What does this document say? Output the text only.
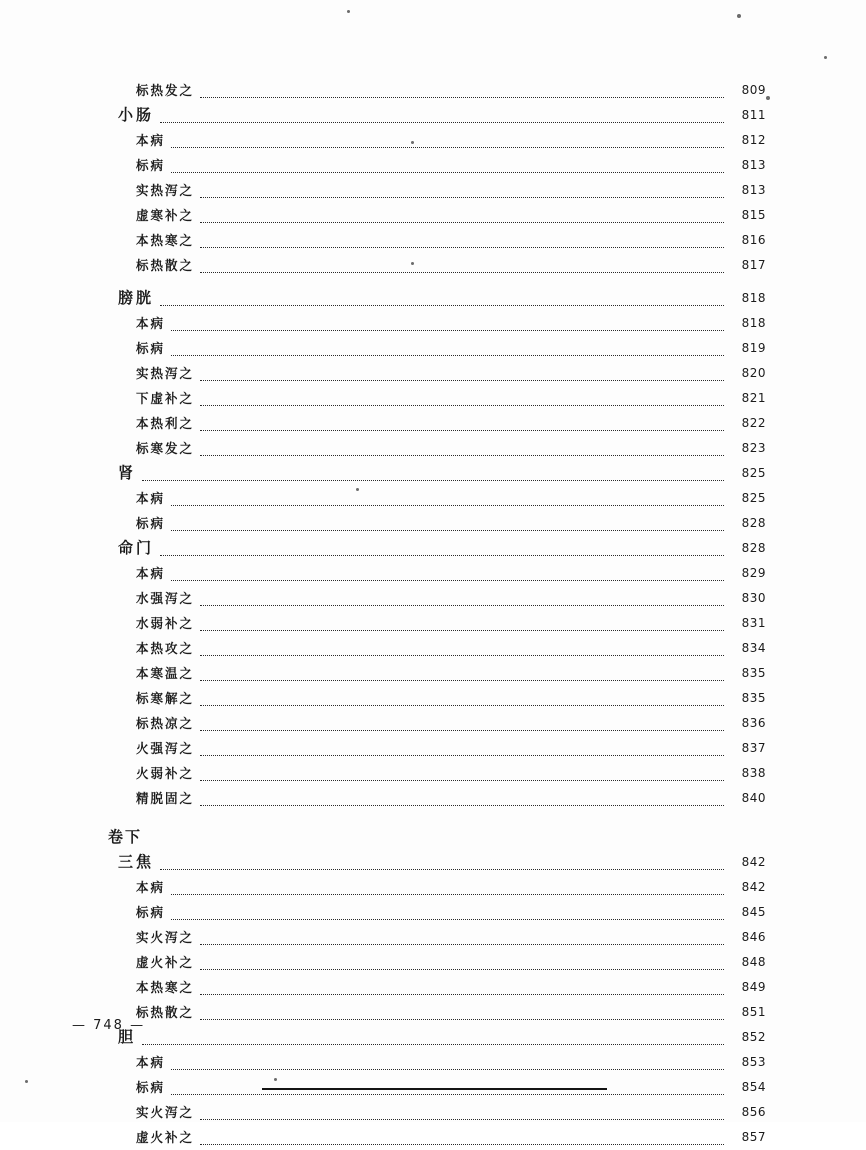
标热发之	809
小肠	811
本病	812
标病	813
实热泻之	813
虚寒补之	815
本热寒之	816
标热散之	817
膀胱	818
本病	818
标病	819
实热泻之	820
下虚补之	821
本热利之	822
标寒发之	823
肾	825
本病	825
标病	828
命门	828
本病	829
水强泻之	830
水弱补之	831
本热攻之	834
本寒温之	835
标寒解之	835
标热凉之	836
火强泻之	837
火弱补之	838
精脱固之	840
卷下
三焦	842
本病	842
标病	845
实火泻之	846
虚火补之	848
本热寒之	849
标热散之	851
胆	852
本病	853
标病	854
实火泻之	856
虚火补之	857
— 748 —
